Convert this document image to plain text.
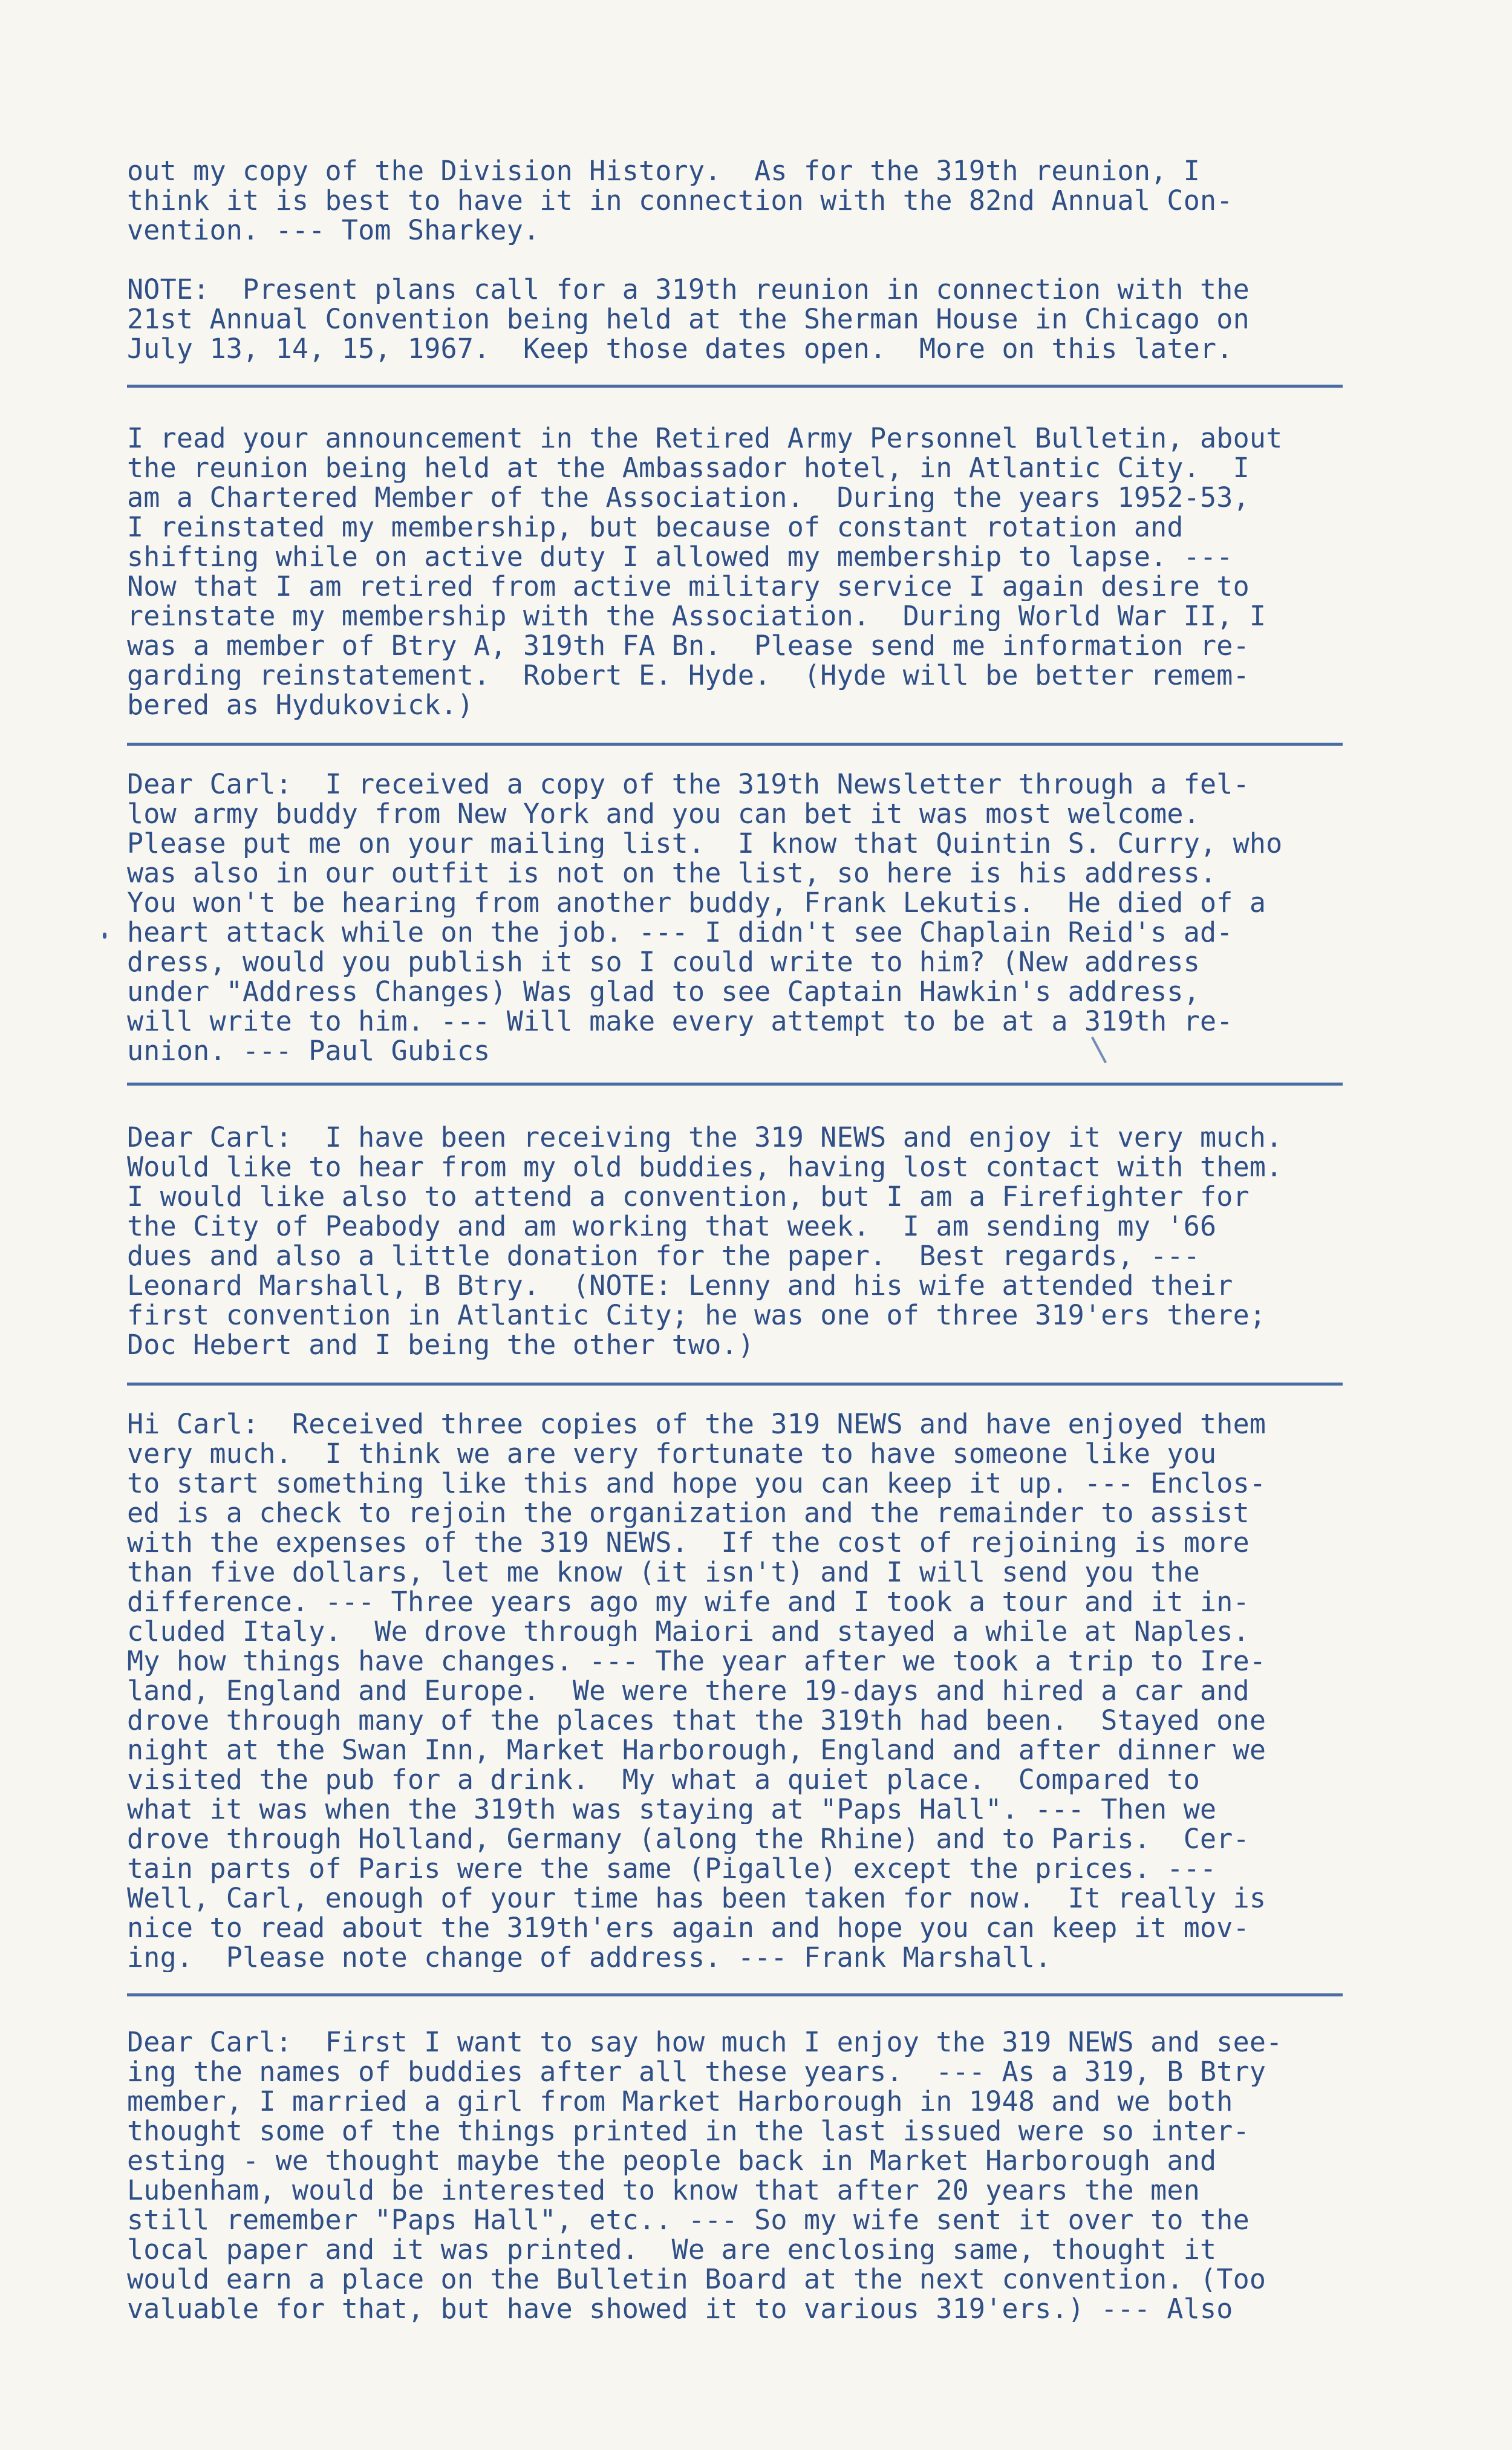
out my copy of the Division History.  As for the 319th reunion, I
think it is best to have it in connection with the 82nd Annual Con-
vention. --- Tom Sharkey.
NOTE:  Present plans call for a 319th reunion in connection with the
21st Annual Convention being held at the Sherman House in Chicago on
July 13, 14, 15, 1967.  Keep those dates open.  More on this later.
I read your announcement in the Retired Army Personnel Bulletin, about
the reunion being held at the Ambassador hotel, in Atlantic City.  I
am a Chartered Member of the Association.  During the years 1952-53,
I reinstated my membership, but because of constant rotation and
shifting while on active duty I allowed my membership to lapse. ---
Now that I am retired from active military service I again desire to
reinstate my membership with the Association.  During World War II, I
was a member of Btry A, 319th FA Bn.  Please send me information re-
garding reinstatement.  Robert E. Hyde.  (Hyde will be better remem-
bered as Hydukovick.)
Dear Carl:  I received a copy of the 319th Newsletter through a fel-
low army buddy from New York and you can bet it was most welcome.
Please put me on your mailing list.  I know that Quintin S. Curry, who
was also in our outfit is not on the list, so here is his address.
You won't be hearing from another buddy, Frank Lekutis.  He died of a
heart attack while on the job. --- I didn't see Chaplain Reid's ad-
dress, would you publish it so I could write to him? (New address
under "Address Changes) Was glad to see Captain Hawkin's address,
will write to him. --- Will make every attempt to be at a 319th re-
union. --- Paul Gubics
Dear Carl:  I have been receiving the 319 NEWS and enjoy it very much.
Would like to hear from my old buddies, having lost contact with them.
I would like also to attend a convention, but I am a Firefighter for
the City of Peabody and am working that week.  I am sending my '66
dues and also a little donation for the paper.  Best regards, ---
Leonard Marshall, B Btry.  (NOTE: Lenny and his wife attended their
first convention in Atlantic City; he was one of three 319'ers there;
Doc Hebert and I being the other two.)
Hi Carl:  Received three copies of the 319 NEWS and have enjoyed them
very much.  I think we are very fortunate to have someone like you
to start something like this and hope you can keep it up. --- Enclos-
ed is a check to rejoin the organization and the remainder to assist
with the expenses of the 319 NEWS.  If the cost of rejoining is more
than five dollars, let me know (it isn't) and I will send you the
difference. --- Three years ago my wife and I took a tour and it in-
cluded Italy.  We drove through Maiori and stayed a while at Naples.
My how things have changes. --- The year after we took a trip to Ire-
land, England and Europe.  We were there 19-days and hired a car and
drove through many of the places that the 319th had been.  Stayed one
night at the Swan Inn, Market Harborough, England and after dinner we
visited the pub for a drink.  My what a quiet place.  Compared to
what it was when the 319th was staying at "Paps Hall". --- Then we
drove through Holland, Germany (along the Rhine) and to Paris.  Cer-
tain parts of Paris were the same (Pigalle) except the prices. ---
Well, Carl, enough of your time has been taken for now.  It really is
nice to read about the 319th'ers again and hope you can keep it mov-
ing.  Please note change of address. --- Frank Marshall.
Dear Carl:  First I want to say how much I enjoy the 319 NEWS and see-
ing the names of buddies after all these years.  --- As a 319, B Btry
member, I married a girl from Market Harborough in 1948 and we both
thought some of the things printed in the last issued were so inter-
esting - we thought maybe the people back in Market Harborough and
Lubenham, would be interested to know that after 20 years the men
still remember "Paps Hall", etc.. --- So my wife sent it over to the
local paper and it was printed.  We are enclosing same, thought it
would earn a place on the Bulletin Board at the next convention. (Too
valuable for that, but have showed it to various 319'ers.) --- Also
